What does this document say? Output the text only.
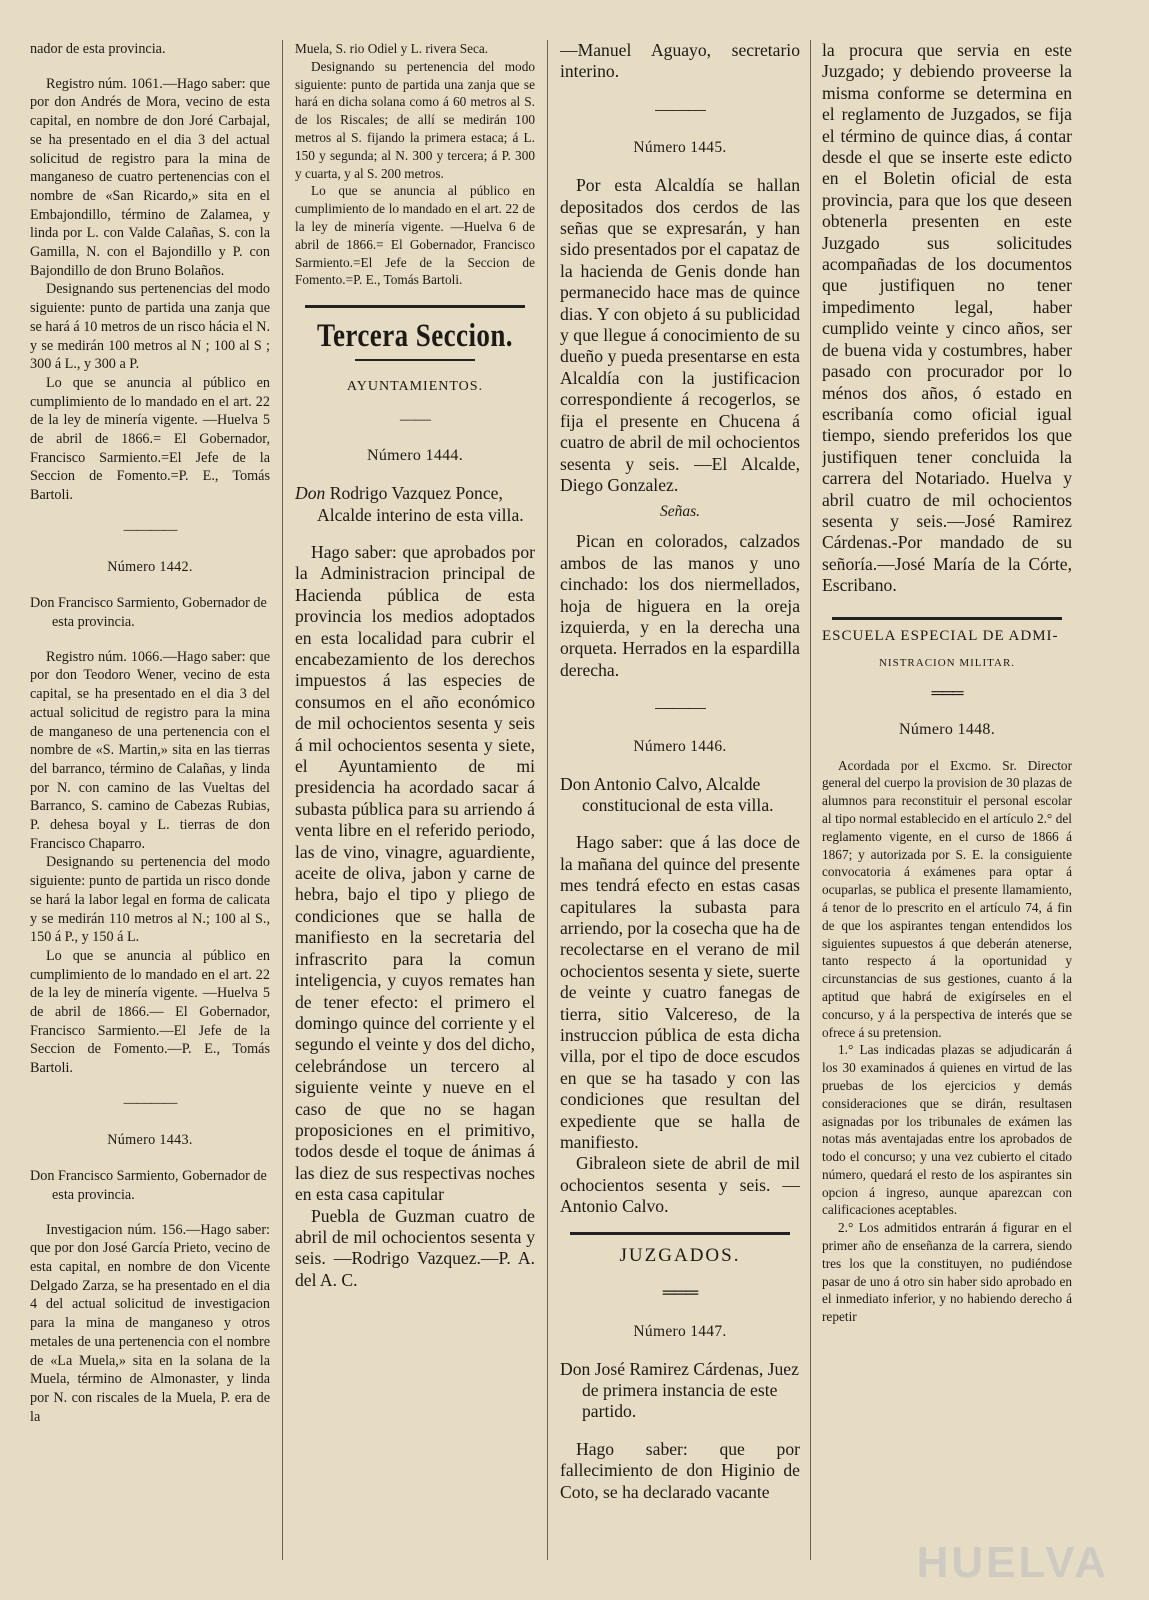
nador de esta provincia.

Registro núm. 1061.—Hago saber: que por don Andrés de Mora, vecino de esta capital, en nombre de don Joré Carbajal, se ha presentado en el dia 3 del actual solicitud de registro para la mina de manganeso de cuatro pertenencias con el nombre de «San Ricardo,» sita en el Embajondillo, término de Zalamea, y linda por L. con Valde Calañas, S. con la Gamilla, N. con el Bajondillo y P. con Bajondillo de don Bruno Bolaños.

Designando sus pertenencias del modo siguiente: punto de partida una zanja que se hará á 10 metros de un risco hácia el N. y se medirán 100 metros al N ; 100 al S ; 300 á L., y 300 a P.

Lo que se anuncia al público en cumplimiento de lo mandado en el art. 22 de la ley de minería vigente. —Huelva 5 de abril de 1866.= El Gobernador, Francisco Sarmiento.=El Jefe de la Seccion de Fomento.=P. E., Tomás Bartoli.

————
Número 1442.

Don Francisco Sarmiento, Gobernador de esta provincia.

Registro núm. 1066.—Hago saber: que por don Teodoro Wener, vecino de esta capital, se ha presentado en el dia 3 del actual solicitud de registro para la mina de manganeso de una pertenencia con el nombre de «S. Martin,» sita en las tierras del barranco, término de Calañas, y linda por N. con camino de las Vueltas del Barranco, S. camino de Cabezas Rubias, P. dehesa boyal y L. tierras de don Francisco Chaparro.

Designando su pertenencia del modo siguiente: punto de partida un risco donde se hará la labor legal en forma de calicata y se medirán 110 metros al N.; 100 al S., 150 á P., y 150 á L.

Lo que se anuncia al público en cumplimiento de lo mandado en el art. 22 de la ley de minería vigente. —Huelva 5 de abril de 1866.— El Gobernador, Francisco Sarmiento.—El Jefe de la Seccion de Fomento.—P. E., Tomás Bartoli.

————
Número 1443.

Don Francisco Sarmiento, Gobernador de esta provincia.

Investigacion núm. 156.—Hago saber: que por don José García Prieto, vecino de esta capital, en nombre de don Vicente Delgado Zarza, se ha presentado en el dia 4 del actual solicitud de investigacion para la mina de manganeso y otros metales de una pertenencia con el nombre de «La Muela,» sita en la solana de la Muela, término de Almonaster, y linda por N. con riscales de la Muela, P. era de la

Muela, S. rio Odiel y L. rivera Seca.

Designando su pertenencia del modo siguiente: punto de partida una zanja que se hará en dicha solana como á 60 metros al S. de los Riscales; de allí se medirán 100 metros al S. fijando la primera estaca; á L. 150 y segunda; al N. 300 y tercera; á P. 300 y cuarta, y al S. 200 metros.

Lo que se anuncia al público en cumplimiento de lo mandado en el art. 22 de la ley de minería vigente. —Huelva 6 de abril de 1866.= El Gobernador, Francisco Sarmiento.=El Jefe de la Seccion de Fomento.=P. E., Tomás Bartoli.

Tercera Seccion.
AYUNTAMIENTOS.
——
Número 1444.

Don Rodrigo Vazquez Ponce, Alcalde interino de esta villa.

Hago saber: que aprobados por la Administracion principal de Hacienda pública de esta provincia los medios adoptados en esta localidad para cubrir el encabezamiento de los derechos impuestos á las especies de consumos en el año económico de mil ochocientos sesenta y seis á mil ochocientos sesenta y siete, el Ayuntamiento de mi presidencia ha acordado sacar á subasta pública para su arriendo á venta libre en el referido periodo, las de vino, vinagre, aguardiente, aceite de oliva, jabon y carne de hebra, bajo el tipo y pliego de condiciones que se halla de manifiesto en la secretaria del infrascrito para la comun inteligencia, y cuyos remates han de tener efecto: el primero el domingo quince del corriente y el segundo el veinte y dos del dicho, celebrándose un tercero al siguiente veinte y nueve en el caso de que no se hagan proposiciones en el primitivo, todos desde el toque de ánimas á las diez de sus respectivas noches en esta casa capitular

Puebla de Guzman cuatro de abril de mil ochocientos sesenta y seis. —Rodrigo Vazquez.—P. A. del A. C.

—Manuel Aguayo, secretario interino.

———
Número 1445.

Por esta Alcaldía se hallan depositados dos cerdos de las señas que se expresarán, y han sido presentados por el capataz de la hacienda de Genis donde han permanecido hace mas de quince dias. Y con objeto á su publicidad y que llegue á conocimiento de su dueño y pueda presentarse en esta Alcaldía con la justificacion correspondiente á recogerlos, se fija el presente en Chucena á cuatro de abril de mil ochocientos sesenta y seis. —El Alcalde, Diego Gonzalez.

Señas.

Pican en colorados, calzados ambos de las manos y uno cinchado: los dos niermellados, hoja de higuera en la oreja izquierda, y en la derecha una orqueta. Herrados en la espardilla derecha.

———
Número 1446.

Don Antonio Calvo, Alcalde constitucional de esta villa.

Hago saber: que á las doce de la mañana del quince del presente mes tendrá efecto en estas casas capitulares la subasta para arriendo, por la cosecha que ha de recolectarse en el verano de mil ochocientos sesenta y siete, suerte de veinte y cuatro fanegas de tierra, sitio Valcereso, de la instruccion pública de esta dicha villa, por el tipo de doce escudos en que se ha tasado y con las condiciones que resultan del expediente que se halla de manifiesto.

Gibraleon siete de abril de mil ochocientos sesenta y seis. —Antonio Calvo.

JUZGADOS.
═══
Número 1447.

Don José Ramirez Cárdenas, Juez de primera instancia de este partido.

Hago saber: que por fallecimiento de don Higinio de Coto, se ha declarado vacante

la procura que servia en este Juzgado; y debiendo proveerse la misma conforme se determina en el reglamento de Juzgados, se fija el término de quince dias, á contar desde el que se inserte este edicto en el Boletin oficial de esta provincia, para que los que deseen obtenerla presenten en este Juzgado sus solicitudes acompañadas de los documentos que justifiquen no tener impedimento legal, haber cumplido veinte y cinco años, ser de buena vida y costumbres, haber pasado con procurador por lo ménos dos años, ó estado en escribanía como oficial igual tiempo, siendo preferidos los que justifiquen tener concluida la carrera del Notariado. Huelva y abril cuatro de mil ochocientos sesenta y seis.—José Ramirez Cárdenas.-Por mandado de su señoría.—José María de la Córte, Escribano.

ESCUELA ESPECIAL DE ADMI-
NISTRACION MILITAR.
═══
Número 1448.

Acordada por el Excmo. Sr. Director general del cuerpo la provision de 30 plazas de alumnos para reconstituir el personal escolar al tipo normal establecido en el artículo 2.° del reglamento vigente, en el curso de 1866 á 1867; y autorizada por S. E. la consiguiente convocatoria á exámenes para optar á ocuparlas, se publica el presente llamamiento, á tenor de lo prescrito en el artículo 74, á fin de que los aspirantes tengan entendidos los siguientes supuestos á que deberán atenerse, tanto respecto á la oportunidad y circunstancias de sus gestiones, cuanto á la aptitud que habrá de exigírseles en el concurso, y á la perspectiva de interés que se ofrece á su pretension.

1.° Las indicadas plazas se adjudicarán á los 30 examinados á quienes en virtud de las pruebas de los ejercicios y demás consideraciones que se dirán, resultasen asignadas por los tribunales de exámen las notas más aventajadas entre los aprobados de todo el concurso; y una vez cubierto el citado número, quedará el resto de los aspirantes sin opcion á ingreso, aunque aparezcan con calificaciones aceptables.

2.° Los admitidos entrarán á figurar en el primer año de enseñanza de la carrera, siendo tres los que la constituyen, no pudiéndose pasar de uno á otro sin haber sido aprobado en el inmediato inferior, y no habiendo derecho á repetir

HUELVA
